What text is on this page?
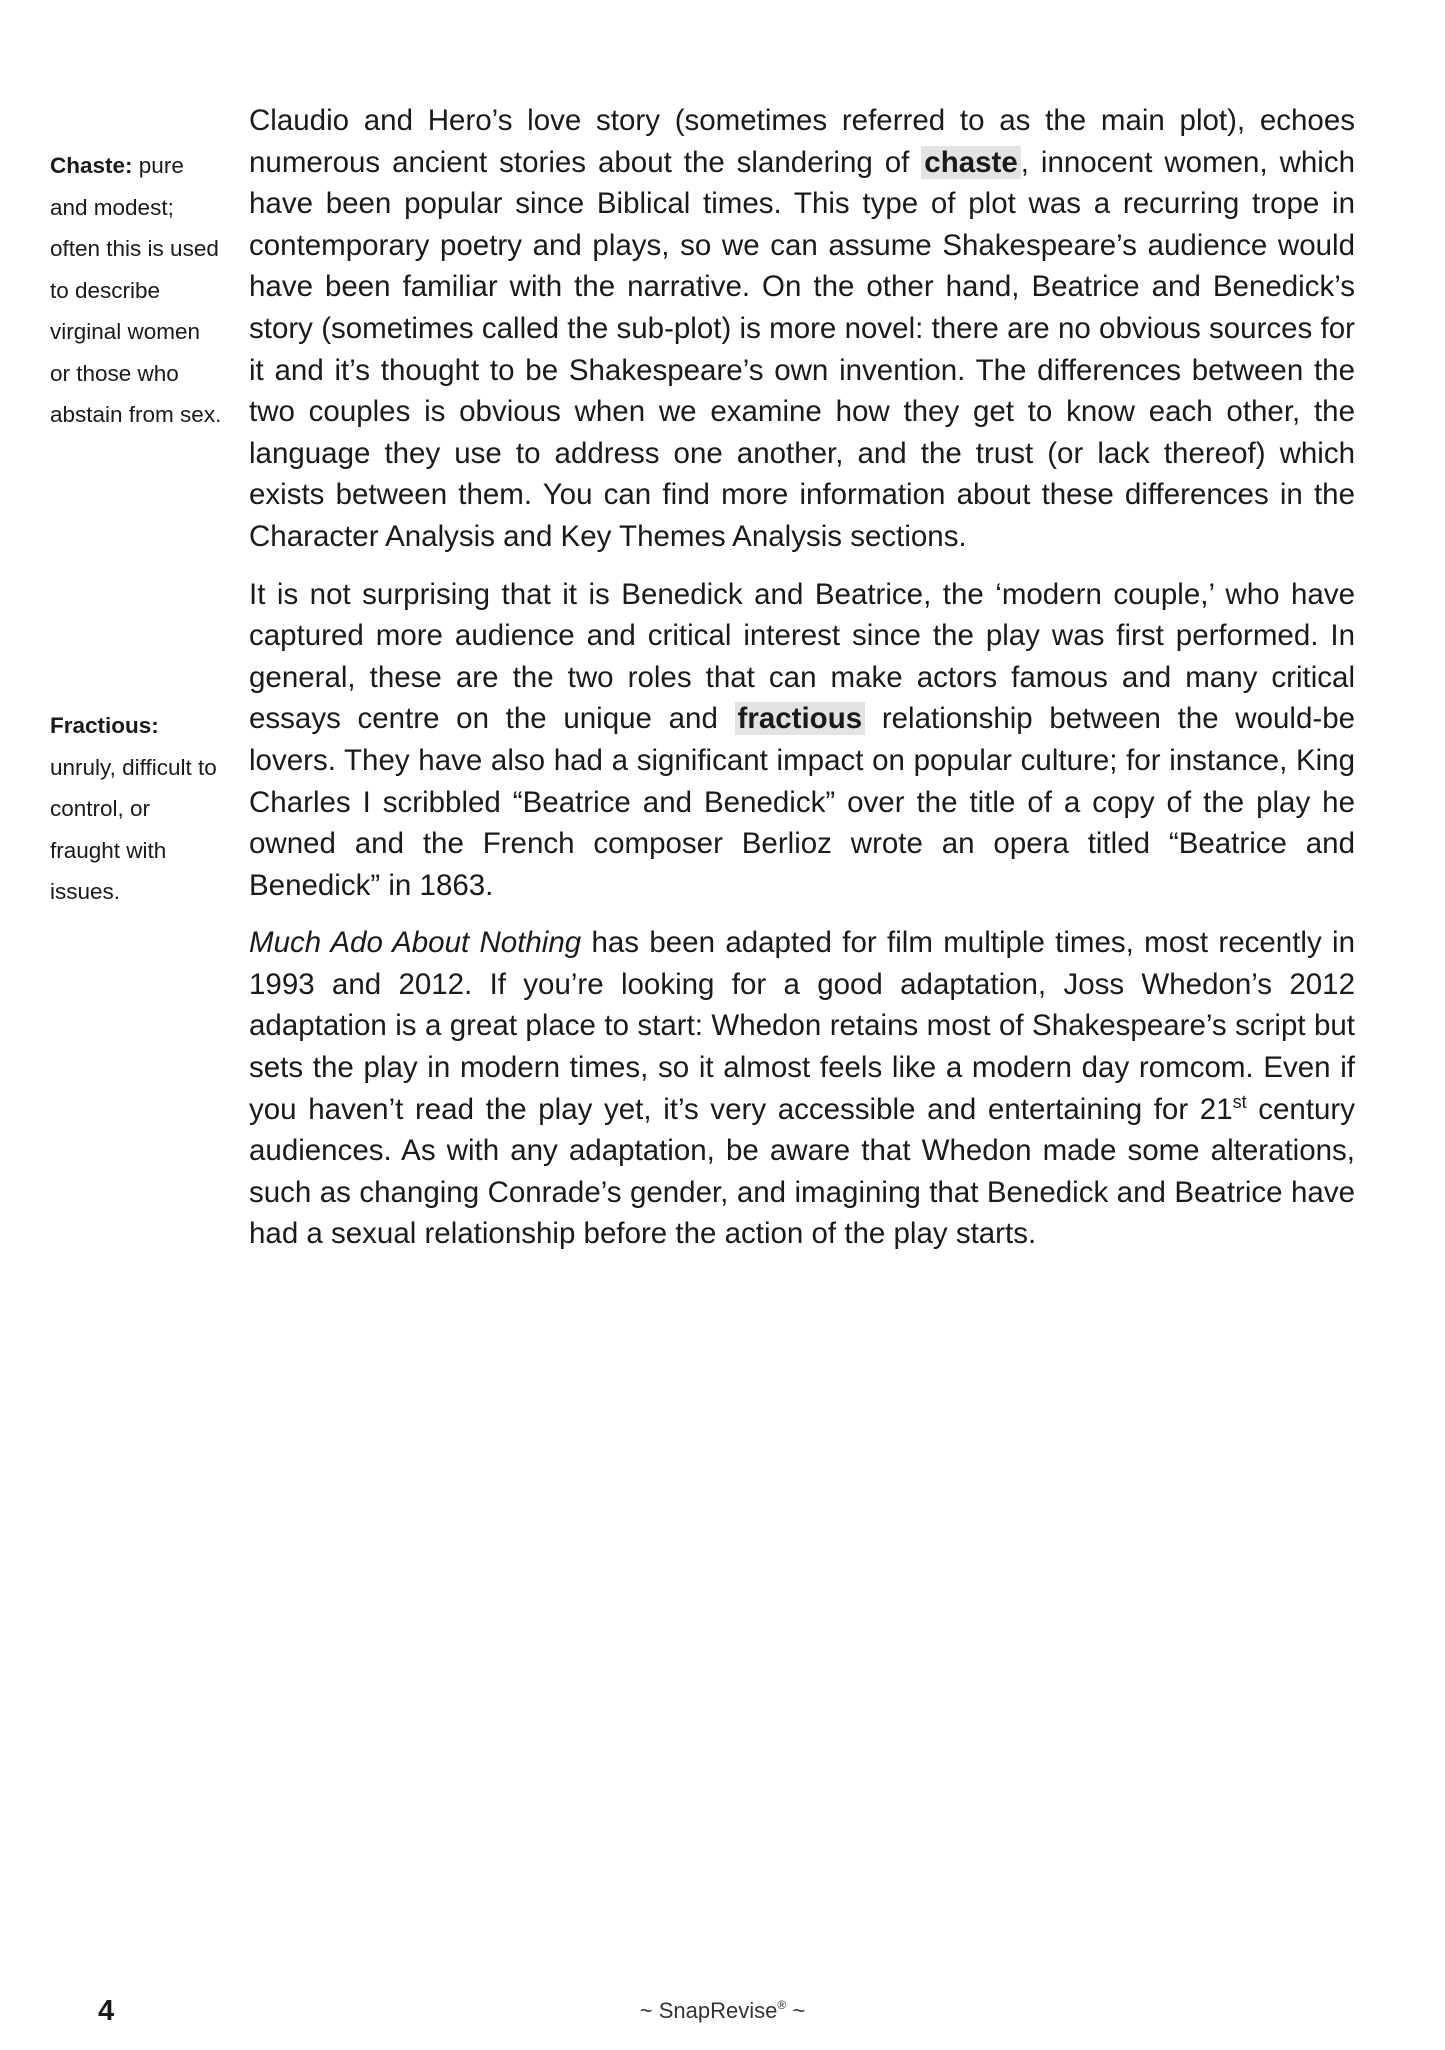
Chaste: pure and modest; often this is used to describe virginal women or those who abstain from sex.
Fractious: unruly, difficult to control, or fraught with issues.

Claudio and Hero’s love story (sometimes referred to as the main plot), echoes numerous ancient stories about the slandering of chaste , innocent women, which have been popular since Biblical times. This type of plot was a recurring trope in contemporary poetry and plays, so we can assume Shakespeare’s audience would have been familiar with the narrative. On the other hand, Beatrice and Benedick’s story (sometimes called the sub-plot) is more novel: there are no obvious sources for it and it’s thought to be Shakespeare’s own invention. The differences between the two couples is obvious when we examine how they get to know each other, the language they use to address one another, and the trust (or lack thereof) which exists between them. You can find more information about these differences in the Character Analysis and Key Themes Analysis sections.

It is not surprising that it is Benedick and Beatrice, the ‘modern couple,’ who have captured more audience and critical interest since the play was first performed. In general, these are the two roles that can make actors famous and many critical essays centre on the unique and fractious relationship between the would-be lovers. They have also had a significant impact on popular culture; for instance, King Charles I scribbled “Beatrice and Benedick” over the title of a copy of the play he owned and the French composer Berlioz wrote an opera titled “Beatrice and Benedick” in 1863.

Much Ado About Nothing has been adapted for film multiple times, most recently in 1993 and 2012. If you’re looking for a good adaptation, Joss Whedon’s 2012 adaptation is a great place to start: Whedon retains most of Shakespeare’s script but sets the play in modern times, so it almost feels like a modern day romcom. Even if you haven’t read the play yet, it’s very accessible and entertaining for 21st century audiences. As with any adaptation, be aware that Whedon made some alterations, such as changing Conrade’s gender, and imagining that Benedick and Beatrice have had a sexual relationship before the action of the play starts.

4	~ SnapRevise® ~
